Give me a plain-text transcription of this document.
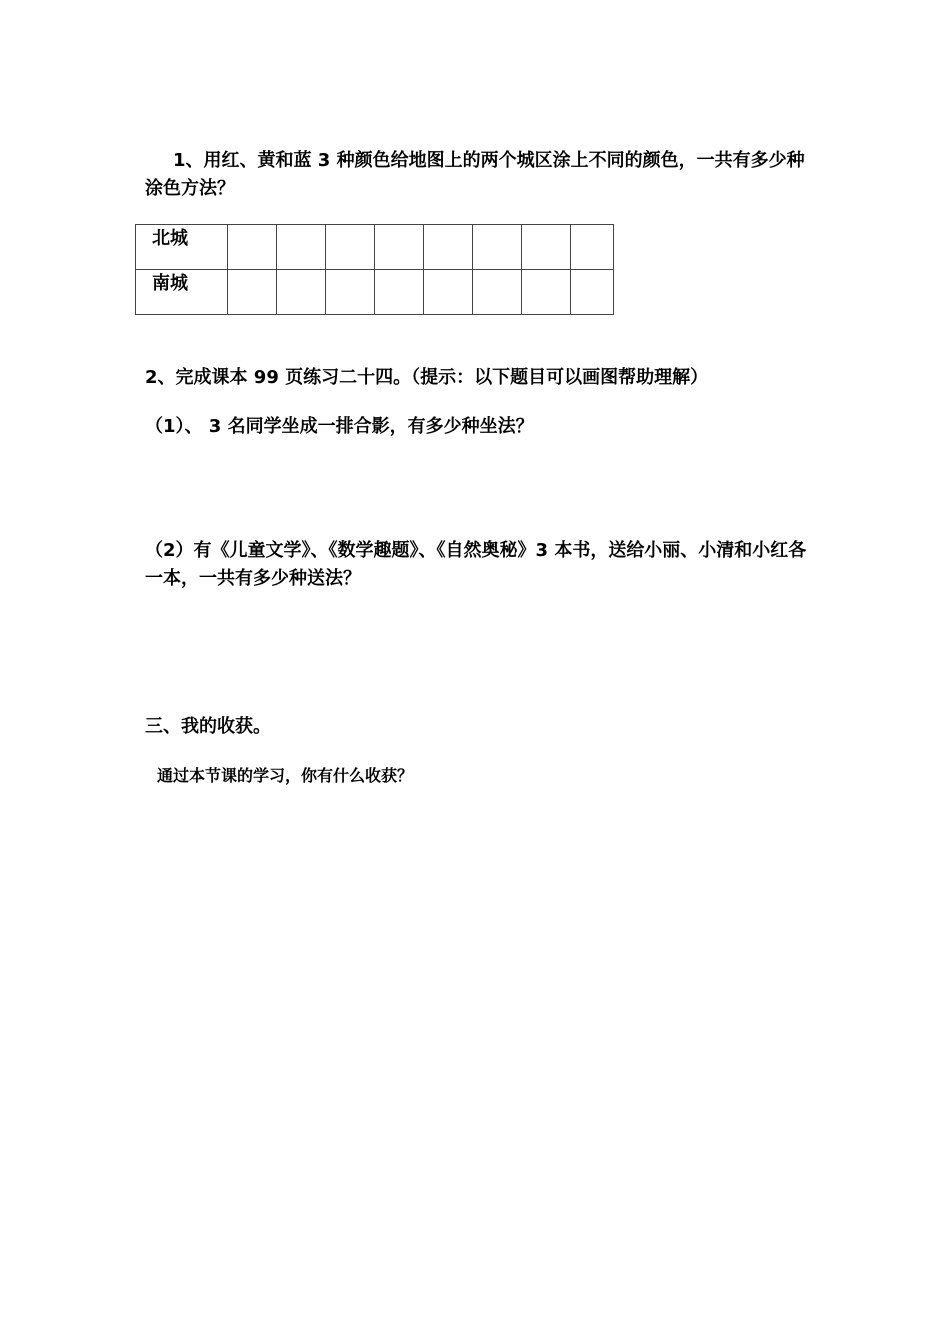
1、用红、黄和蓝 3 种颜色给地图上的两个城区涂上不同的颜色，一共有多少种涂色方法？
北城								
南城								
2、完成课本 99 页练习二十四。（提示：以下题目可以画图帮助理解）
（1）、 3 名同学坐成一排合影，有多少种坐法？
（2）有《儿童文学》、《数学趣题》、《自然奥秘》3 本书，送给小丽、小清和小红各一本，一共有多少种送法？
三、我的收获。
通过本节课的学习，你有什么收获？
